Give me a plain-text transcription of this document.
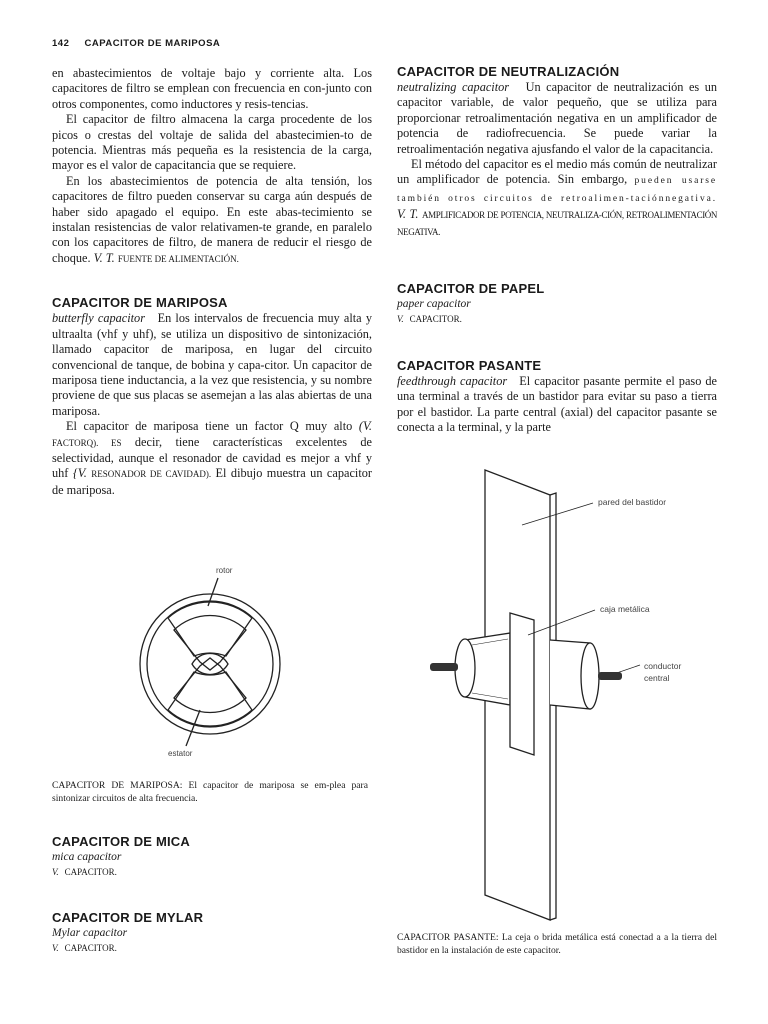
142 CAPACITOR DE MARIPOSA

en abastecimientos de voltaje bajo y corriente alta. Los capacitores de filtro se emplean con frecuencia en con-junto con otros componentes, como inductores y resis-tencias.

El capacitor de filtro almacena la carga procedente de los picos o crestas del voltaje de salida del abastecimien-to de potencia. Mientras más pequeña es la resistencia de la carga, mayor es el valor de capacitancia que se requiere.

En los abastecimientos de potencia de alta tensión, los capacitores de filtro pueden conservar su carga aún después de haber sido apagado el equipo. En este abas-tecimiento se instalan resistencias de valor relativamen-te grande, en paralelo con los capacitores de filtro, de manera de reducir el riesgo de choque. V. T. FUENTE DE ALIMENTACIÓN.

CAPACITOR DE MARIPOSA

butterfly capacitor En los intervalos de frecuencia muy alta y ultraalta (vhf y uhf), se utiliza un dispositivo de sintonización, llamado capacitor de mariposa, en lugar del circuito convencional de tanque, de bobina y capa-citor. Un capacitor de mariposa tiene inductancia, a la vez que resistencia, y su nombre proviene de que sus placas se asemejan a las alas abiertas de una mariposa.

El capacitor de mariposa tiene un factor Q muy alto (V. FACTORQ). ES decir, tiene características excelentes de selectividad, aunque el resonador de cavidad es mejor a vhf y uhf {V. RESONADOR DE CAVIDAD). El dibujo muestra un capacitor de mariposa.

rotor
estator

CAPACITOR DE MARIPOSA: El capacitor de mariposa se em-plea para sintonizar circuitos de alta frecuencia.

CAPACITOR DE MICA

mica capacitor

V. CAPACITOR.
CAPACITOR DE MYLAR

Mylar capacitor

V. CAPACITOR.
CAPACITOR DE NEUTRALIZACIÓN

neutralizing capacitor Un capacitor de neutralización es un capacitor variable, de valor pequeño, que se utiliza para proporcionar retroalimentación negativa en un amplificador de potencia de radiofrecuencia. Se puede variar la retroalimentación negativa ajusfando el valor de la capacitancia.

El método del capacitor es el medio más común de neutralizar un amplificador de potencia. Sin embargo, pueden usarse también otros circuitos de retroalimen-taciónnegativa. V. T. AMPLIFICADOR DE POTENCIA, NEUTRALIZA-CIÓN, RETROALIMENTACIÓN NEGATIVA.

CAPACITOR DE PAPEL

paper capacitor

V. CAPACITOR.
CAPACITOR PASANTE

feedthrough capacitor El capacitor pasante permite el paso de una terminal a través de un bastidor para evitar su paso a tierra por el bastidor. La parte central (axial) del capacitor pasante se conecta a la terminal, y la parte

pared del bastidor
caja metálica
conductor
central

CAPACITOR PASANTE: La ceja o brida metálica está conectad a a la tierra del bastidor en la instalación de este capacitor.
